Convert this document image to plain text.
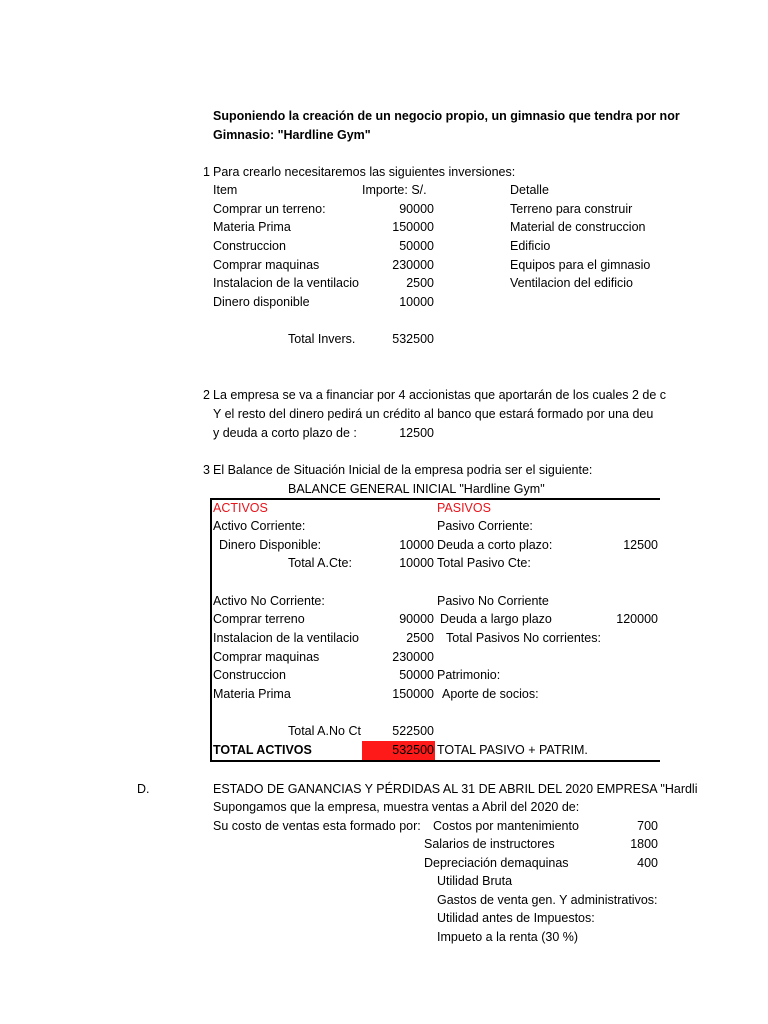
Suponiendo la creación de un negocio propio, un gimnasio que tendra por nor
Gimnasio: "Hardline Gym"
1 Para crearlo necesitaremos las siguientes inversiones:
Item	Importe: S/.	Detalle
Comprar un terreno:	90000	Terreno para construir
Materia Prima	150000	Material de construccion
Construccion	50000	Edificio
Comprar maquinas	230000	Equipos para el gimnasio
Instalacion de la ventilacio	2500	Ventilacion del edificio
Dinero disponible	10000
Total Invers.	532500
2 La empresa se va a financiar por 4 accionistas que aportarán de los cuales 2 de c
Y el resto del dinero pedirá un crédito al banco que estará formado por una deu
y deuda a corto plazo de :	12500
3 El Balance de Situación Inicial de la empresa podria ser el siguiente:
BALANCE GENERAL INICIAL "Hardline Gym"
ACTIVOS	PASIVOS
Activo Corriente:	Pasivo Corriente:
Dinero Disponible:	10000 Deuda a corto plazo:	12500
Total A.Cte:	10000 Total Pasivo Cte:
Activo No Corriente:	Pasivo No Corriente
Comprar terreno	90000 Deuda a largo plazo	120000
Instalacion de la ventilacio	2500 Total Pasivos No corrientes:
Comprar maquinas	230000
Construccion	50000 Patrimonio:
Materia Prima	150000 Aporte de socios:
Total A.No Ct	522500
TOTAL ACTIVOS	532500 TOTAL PASIVO + PATRIM.
D.	ESTADO DE GANANCIAS Y PÉRDIDAS AL 31 DE ABRIL DEL 2020 EMPRESA "Hardli
Supongamos que la empresa, muestra ventas a Abril del 2020 de:
Su costo de ventas esta formado por: Costos por mantenimiento	700
Salarios de instructores	1800
Depreciación demaquinas	400
Utilidad Bruta
Gastos de venta gen. Y administrativos:
Utilidad antes de Impuestos:
Impueto a la renta (30 %)
